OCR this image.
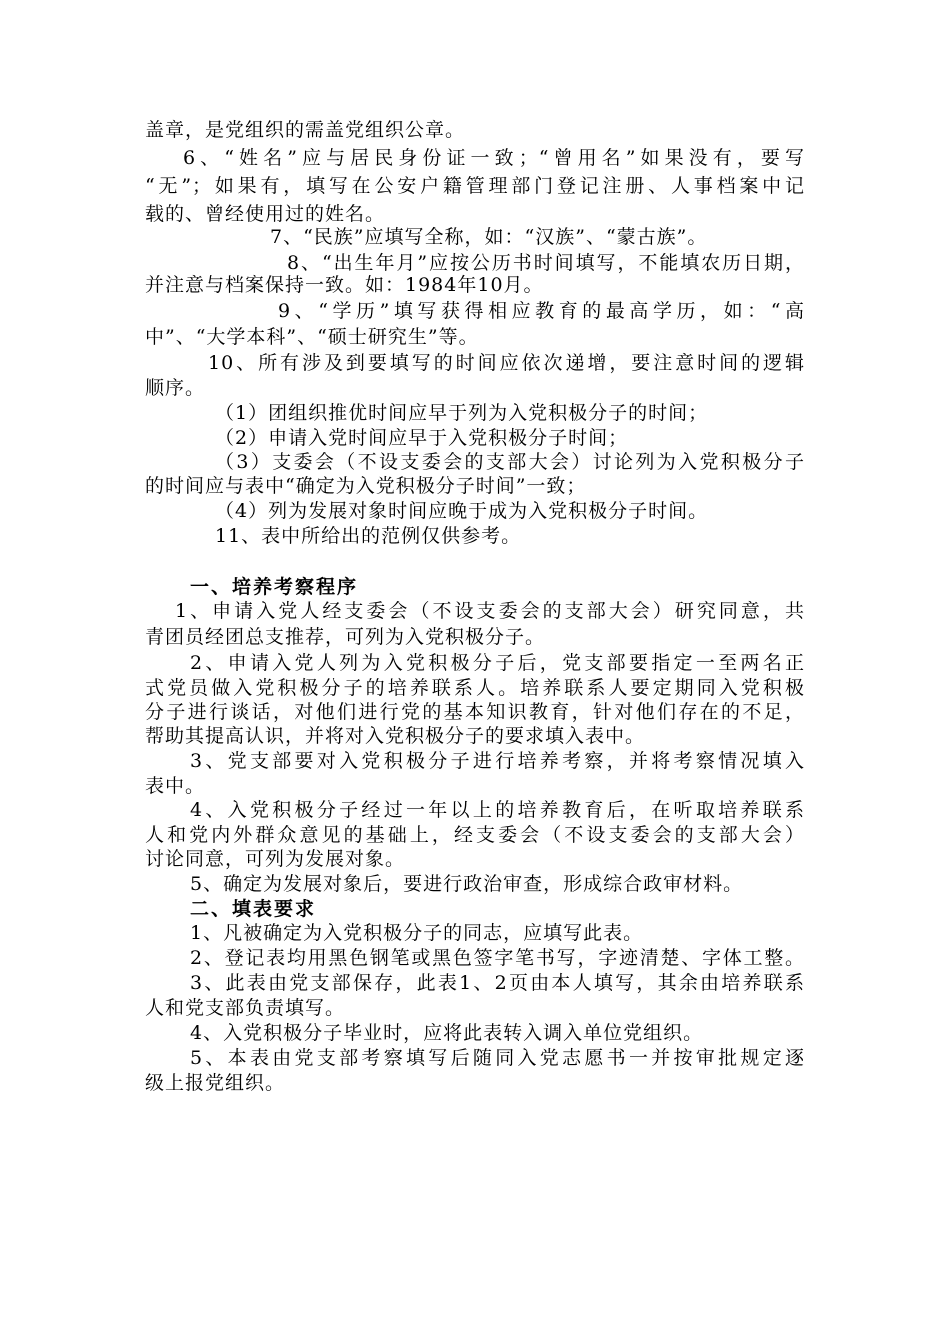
盖章，是党组织的需盖党组织公章。
6、“姓名”应与居民身份证一致；“曾用名”如果没有，要写
“无”；如果有，填写在公安户籍管理部门登记注册、人事档案中记
载的、曾经使用过的姓名。
7、“民族”应填写全称，如：“汉族”、“蒙古族”。
8、“出生年月”应按公历书时间填写，不能填农历日期，
并注意与档案保持一致。如：1984年10月。
9、“学历”填写获得相应教育的最高学历，如：“高
中”、“大学本科”、“硕士研究生”等。
10、所有涉及到要填写的时间应依次递增，要注意时间的逻辑
顺序。
（1）团组织推优时间应早于列为入党积极分子的时间；
（2）申请入党时间应早于入党积极分子时间；
（3）支委会（不设支委会的支部大会）讨论列为入党积极分子
的时间应与表中“确定为入党积极分子时间”一致；
（4）列为发展对象时间应晚于成为入党积极分子时间。
11、表中所给出的范例仅供参考。
一、培养考察程序
1、申请入党人经支委会（不设支委会的支部大会）研究同意，共
青团员经团总支推荐，可列为入党积极分子。
2、申请入党人列为入党积极分子后，党支部要指定一至两名正
式党员做入党积极分子的培养联系人。培养联系人要定期同入党积极
分子进行谈话，对他们进行党的基本知识教育，针对他们存在的不足，
帮助其提高认识，并将对入党积极分子的要求填入表中。
3、党支部要对入党积极分子进行培养考察，并将考察情况填入
表中。
4、入党积极分子经过一年以上的培养教育后，在听取培养联系
人和党内外群众意见的基础上，经支委会（不设支委会的支部大会）
讨论同意，可列为发展对象。
5、确定为发展对象后，要进行政治审查，形成综合政审材料。
二、填表要求
1、凡被确定为入党积极分子的同志，应填写此表。
2、登记表均用黑色钢笔或黑色签字笔书写，字迹清楚、字体工整。
3、此表由党支部保存，此表1、2页由本人填写，其余由培养联系
人和党支部负责填写。
4、入党积极分子毕业时，应将此表转入调入单位党组织。
5、本表由党支部考察填写后随同入党志愿书一并按审批规定逐
级上报党组织。
